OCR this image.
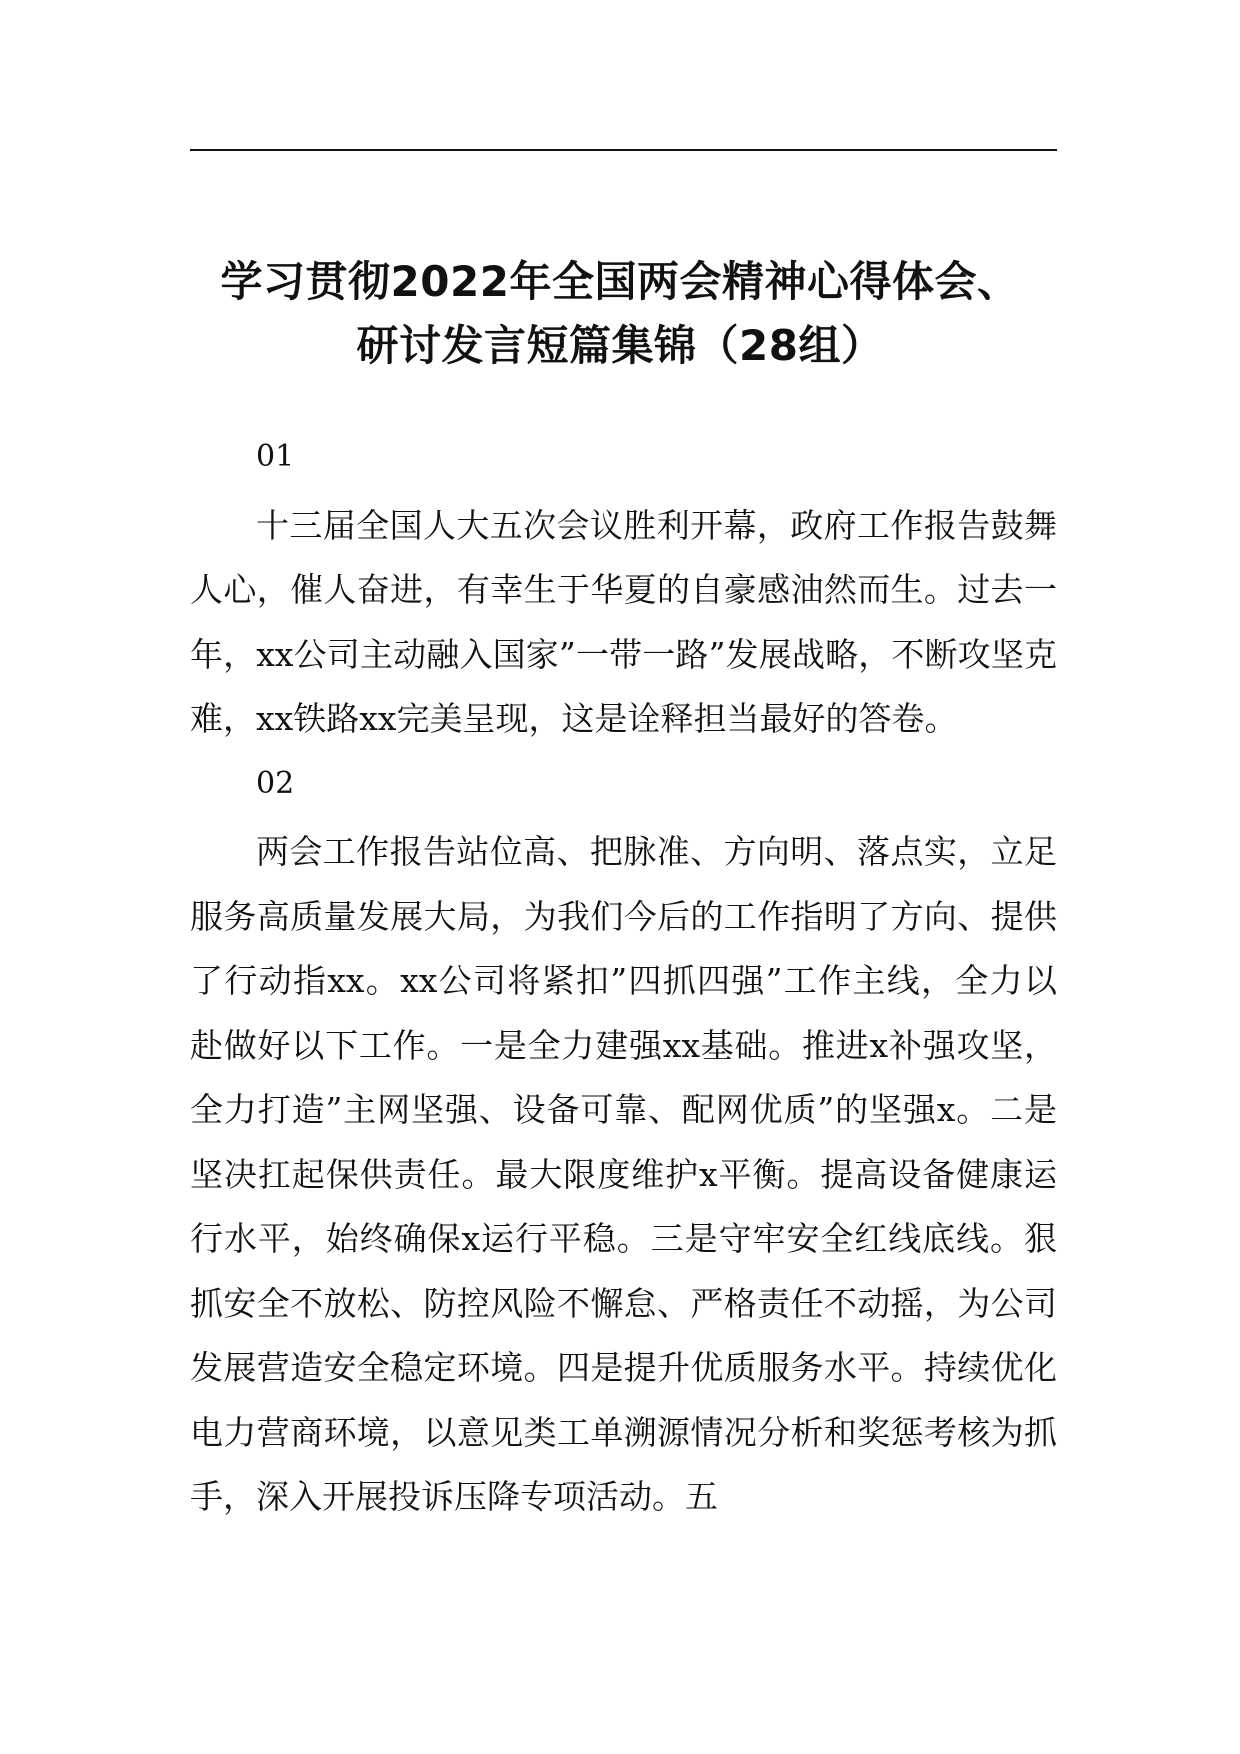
学习贯彻2022年全国两会精神心得体会、
研讨发言短篇集锦（28组）

01

十三届全国人大五次会议胜利开幕，政府工作报告鼓舞人心，催人奋进，有幸生于华夏的自豪感油然而生。过去一年，xx公司主动融入国家”一带一路”发展战略，不断攻坚克难，xx铁路xx完美呈现，这是诠释担当最好的答卷。

02

两会工作报告站位高、把脉准、方向明、落点实，立足服务高质量发展大局，为我们今后的工作指明了方向、提供了行动指xx。xx公司将紧扣”四抓四强”工作主线，全力以赴做好以下工作。一是全力建强xx基础。推进x补强攻坚，全力打造”主网坚强、设备可靠、配网优质”的坚强x。二是坚决扛起保供责任。最大限度维护x平衡。提高设备健康运行水平，始终确保x运行平稳。三是守牢安全红线底线。狠抓安全不放松、防控风险不懈怠、严格责任不动摇，为公司发展营造安全稳定环境。四是提升优质服务水平。持续优化电力营商环境，以意见类工单溯源情况分析和奖惩考核为抓手，深入开展投诉压降专项活动。五
